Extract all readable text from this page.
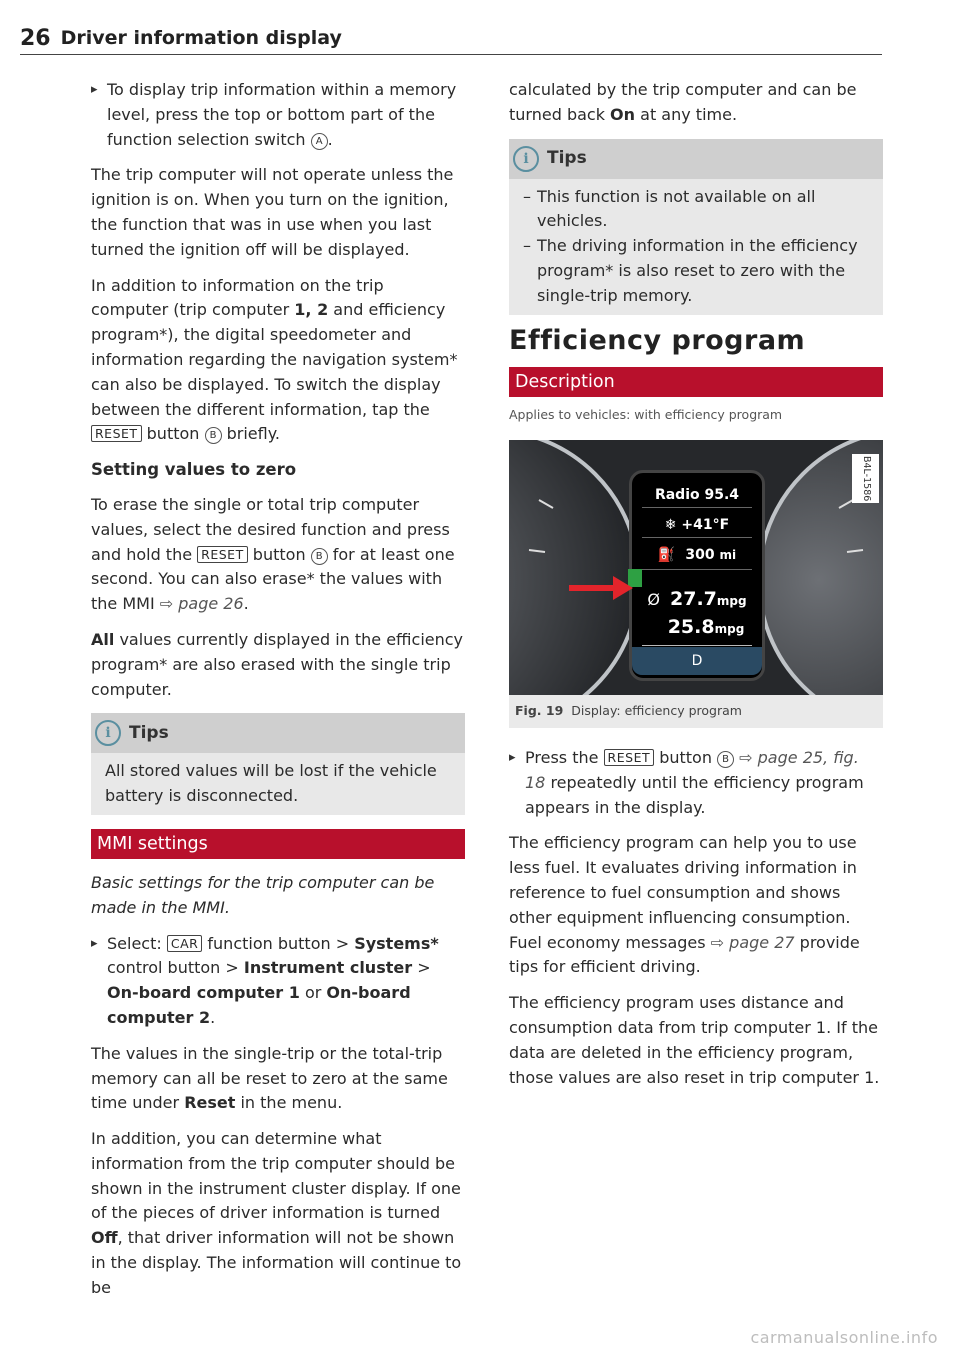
26 Driver information display

▸ To display trip information within a memory level, press the top or bottom part of the function selection switch A .

The trip computer will not operate unless the ignition is on. When you turn on the ignition, the function that was in use when you last turned the ignition off will be displayed.

In addition to information on the trip computer (trip computer 1, 2 and efficiency program*), the digital speedometer and information regarding the navigation system* can also be displayed. To switch the display between the different information, tap the RESET button B briefly.

Setting values to zero

To erase the single or total trip computer values, select the desired function and press and hold the RESET button B for at least one second. You can also erase* the values with the MMI ⇨ page 26.

All values currently displayed in the efficiency program* are also erased with the single trip computer.

i	Tips
All stored values will be lost if the vehicle battery is disconnected.
MMI settings

Basic settings for the trip computer can be made in the MMI.

▸ Select: CAR function button > Systems* control button > Instrument cluster > On-board computer 1 or On-board computer 2.

The values in the single-trip or the total-trip memory can all be reset to zero at the same time under Reset in the menu.

In addition, you can determine what information from the trip computer should be shown in the instrument cluster display. If one of the pieces of driver information is turned Off, that driver information will not be shown in the display. The information will continue to be

calculated by the trip computer and can be turned back On at any time.

i	Tips

– This function is not available on all vehicles.

– The driving information in the efficiency program* is also reset to zero with the single-trip memory.

Efficiency program
Description
Applies to vehicles: with efficiency program
B4L-1586
Radio 95.4
❄ +41°F
⛽ 300 mi
Ø 27.7mpg
25.8mpg
D
Fig. 19 Display: efficiency program

▸ Press the RESET button B ⇨ page 25, fig. 18 repeatedly until the efficiency program appears in the display.

The efficiency program can help you to use less fuel. It evaluates driving information in reference to fuel consumption and shows other equipment influencing consumption. Fuel economy messages ⇨ page 27 provide tips for efficient driving.

The efficiency program uses distance and consumption data from trip computer 1. If the data are deleted in the efficiency program, those values are also reset in trip computer 1.

carmanualsonline.info
